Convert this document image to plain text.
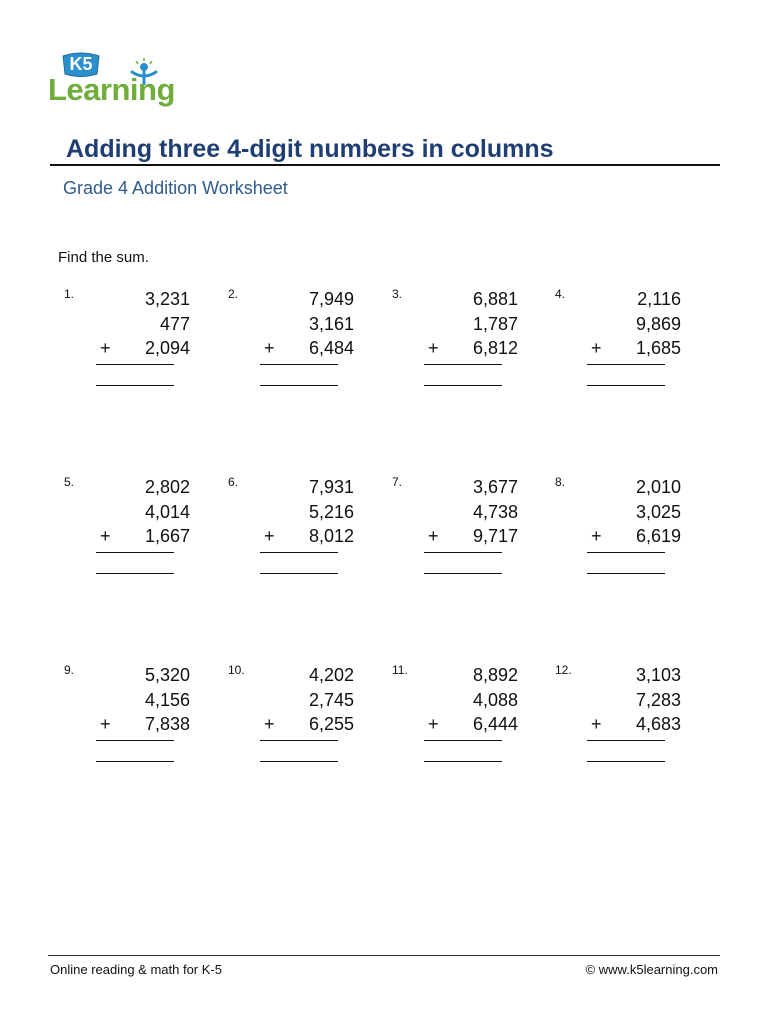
K5
Learning
Adding three 4-digit numbers in columns
Grade 4 Addition Worksheet
Find the sum.
1.	3,231
477
2,094
+
2.	7,949
3,161
6,484
+
3.	6,881
1,787
6,812
+
4.	2,116
9,869
1,685
+
5.	2,802
4,014
1,667
+
6.	7,931
5,216
8,012
+
7.	3,677
4,738
9,717
+
8.	2,010
3,025
6,619
+
9.	5,320
4,156
7,838
+
10.	4,202
2,745
6,255
+
11.	8,892
4,088
6,444
+
12.	3,103
7,283
4,683
+
Online reading & math for K-5	© www.k5learning.com
